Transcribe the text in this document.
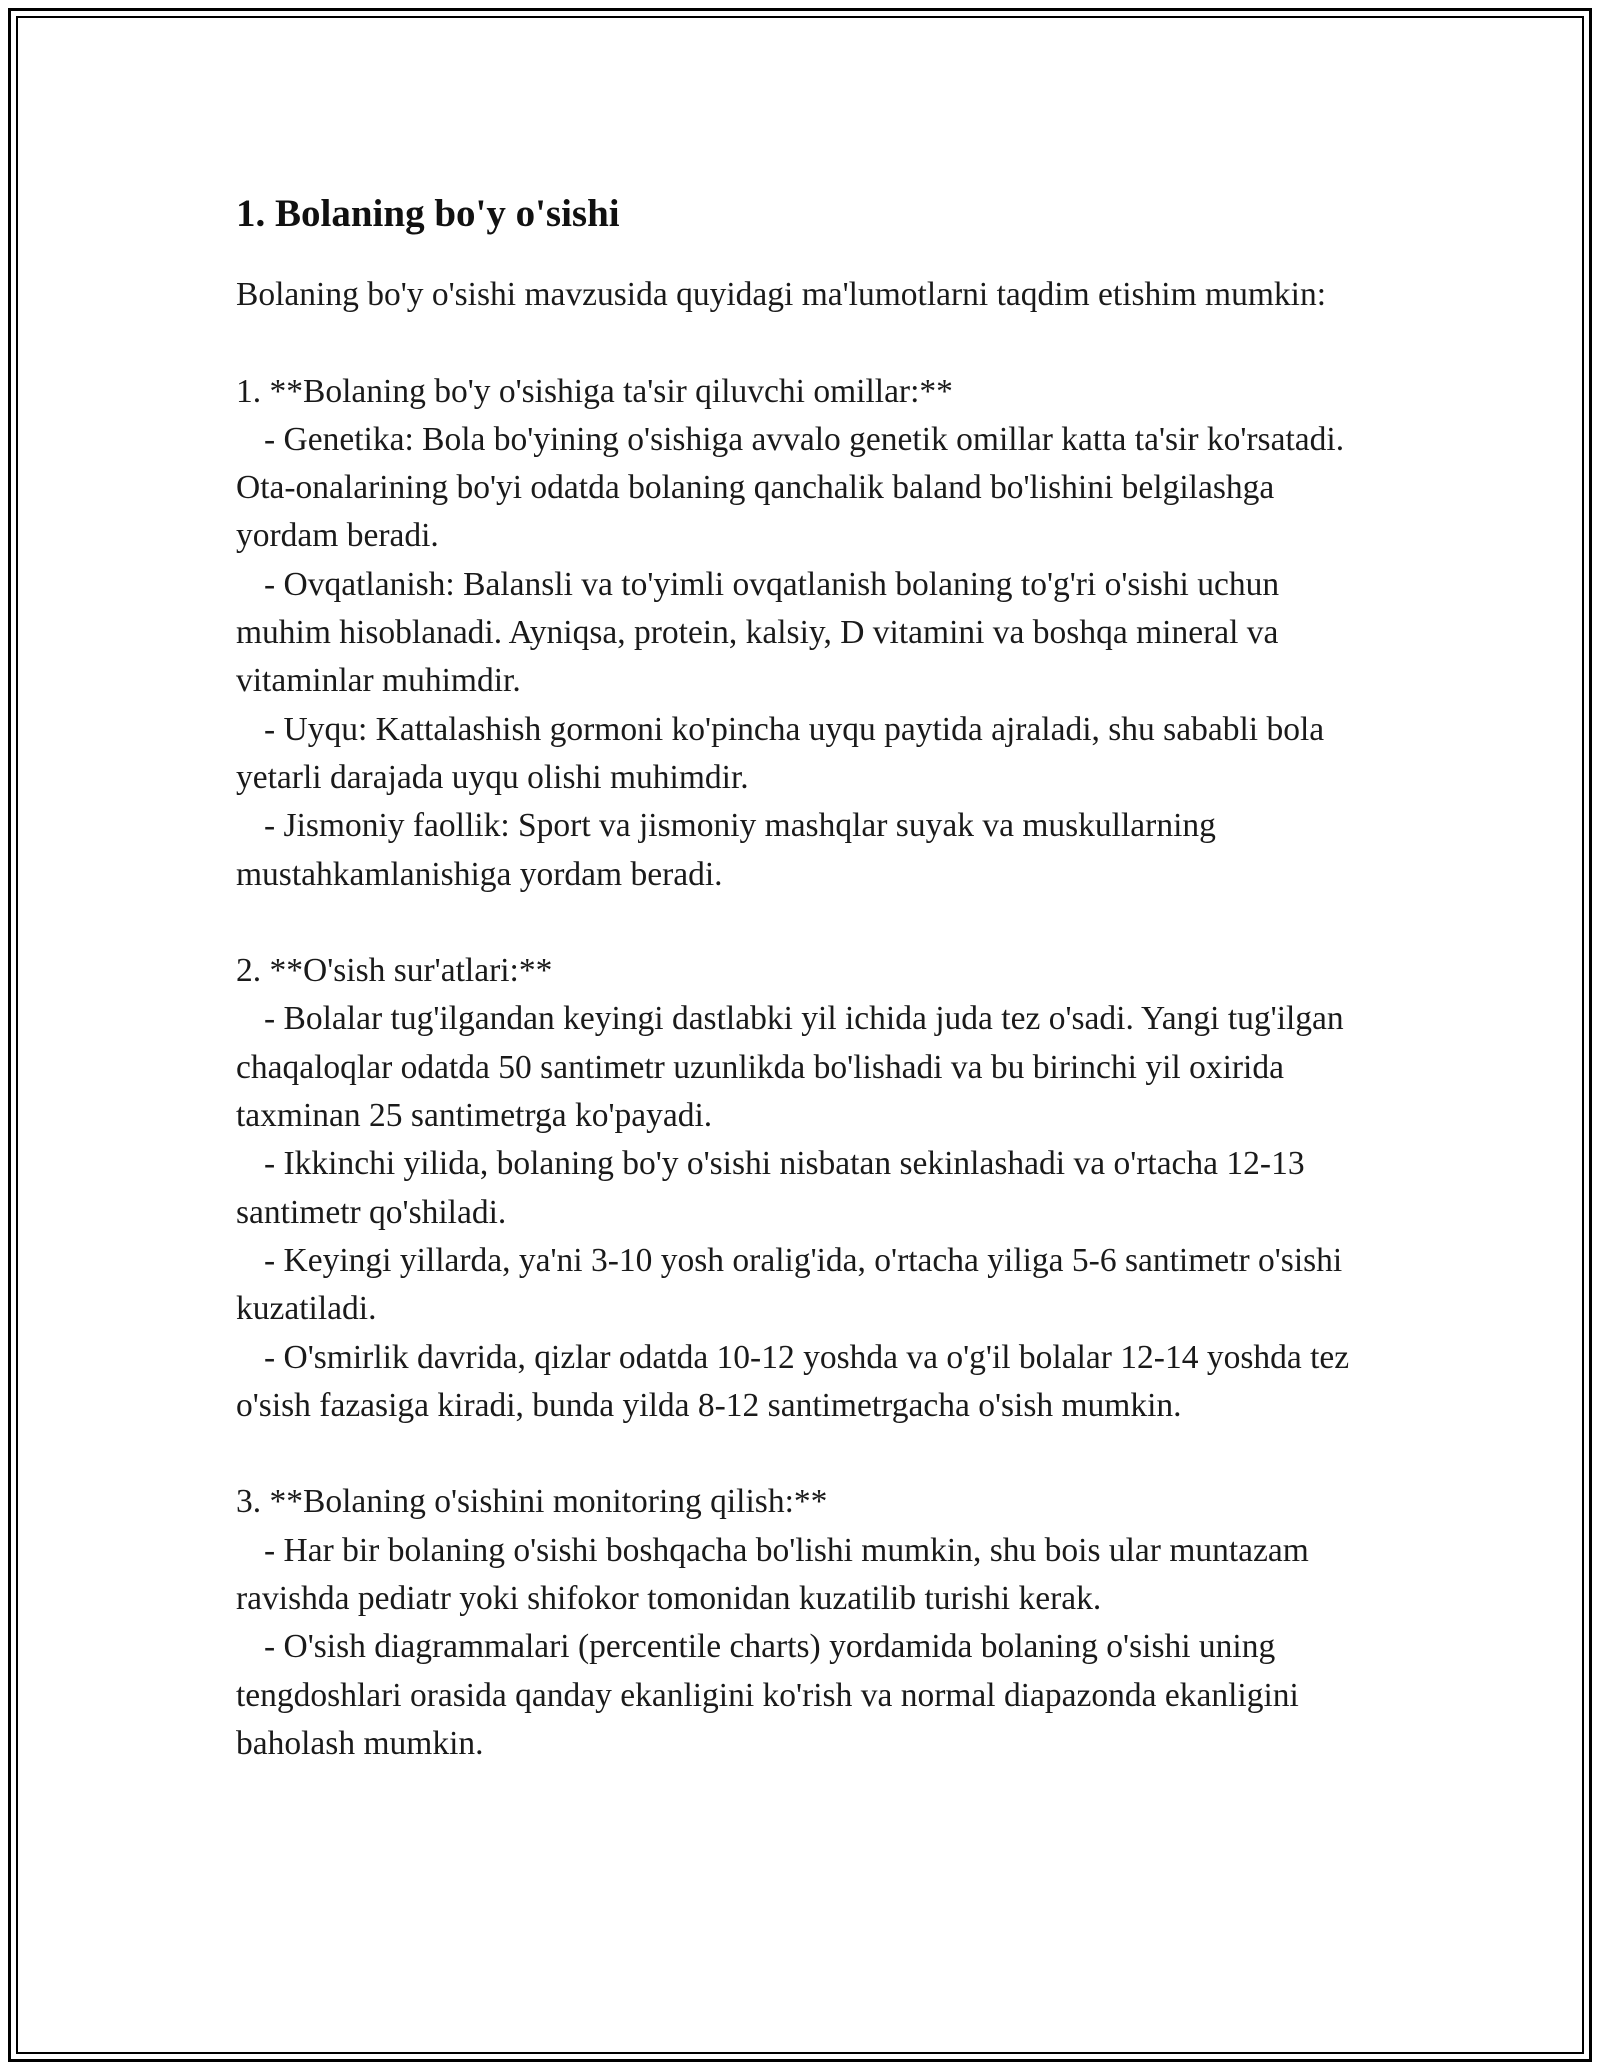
1. Bolaning bo'y o'sishi

Bolaning bo'y o'sishi mavzusida quyidagi ma'lumotlarni taqdim etishim mumkin:

1. **Bolaning bo'y o'sishiga ta'sir qiluvchi omillar:**

- Genetika: Bola bo'yining o'sishiga avvalo genetik omillar katta ta'sir ko'rsatadi. Ota-onalarining bo'yi odatda bolaning qanchalik baland bo'lishini belgilashga yordam beradi.

- Ovqatlanish: Balansli va to'yimli ovqatlanish bolaning to'g'ri o'sishi uchun muhim hisoblanadi. Ayniqsa, protein, kalsiy, D vitamini va boshqa mineral va vitaminlar muhimdir.

- Uyqu: Kattalashish gormoni ko'pincha uyqu paytida ajraladi, shu sababli bola yetarli darajada uyqu olishi muhimdir.

- Jismoniy faollik: Sport va jismoniy mashqlar suyak va muskullarning mustahkamlanishiga yordam beradi.

2. **O'sish sur'atlari:**

- Bolalar tug'ilgandan keyingi dastlabki yil ichida juda tez o'sadi. Yangi tug'ilgan chaqaloqlar odatda 50 santimetr uzunlikda bo'lishadi va bu birinchi yil oxirida taxminan 25 santimetrga ko'payadi.

- Ikkinchi yilida, bolaning bo'y o'sishi nisbatan sekinlashadi va o'rtacha 12-13 santimetr qo'shiladi.

- Keyingi yillarda, ya'ni 3-10 yosh oralig'ida, o'rtacha yiliga 5-6 santimetr o'sishi kuzatiladi.

- O'smirlik davrida, qizlar odatda 10-12 yoshda va o'g'il bolalar 12-14 yoshda tez o'sish fazasiga kiradi, bunda yilda 8-12 santimetrgacha o'sish mumkin.

3. **Bolaning o'sishini monitoring qilish:**

- Har bir bolaning o'sishi boshqacha bo'lishi mumkin, shu bois ular muntazam ravishda pediatr yoki shifokor tomonidan kuzatilib turishi kerak.

- O'sish diagrammalari (percentile charts) yordamida bolaning o'sishi uning tengdoshlari orasida qanday ekanligini ko'rish va normal diapazonda ekanligini baholash mumkin.
